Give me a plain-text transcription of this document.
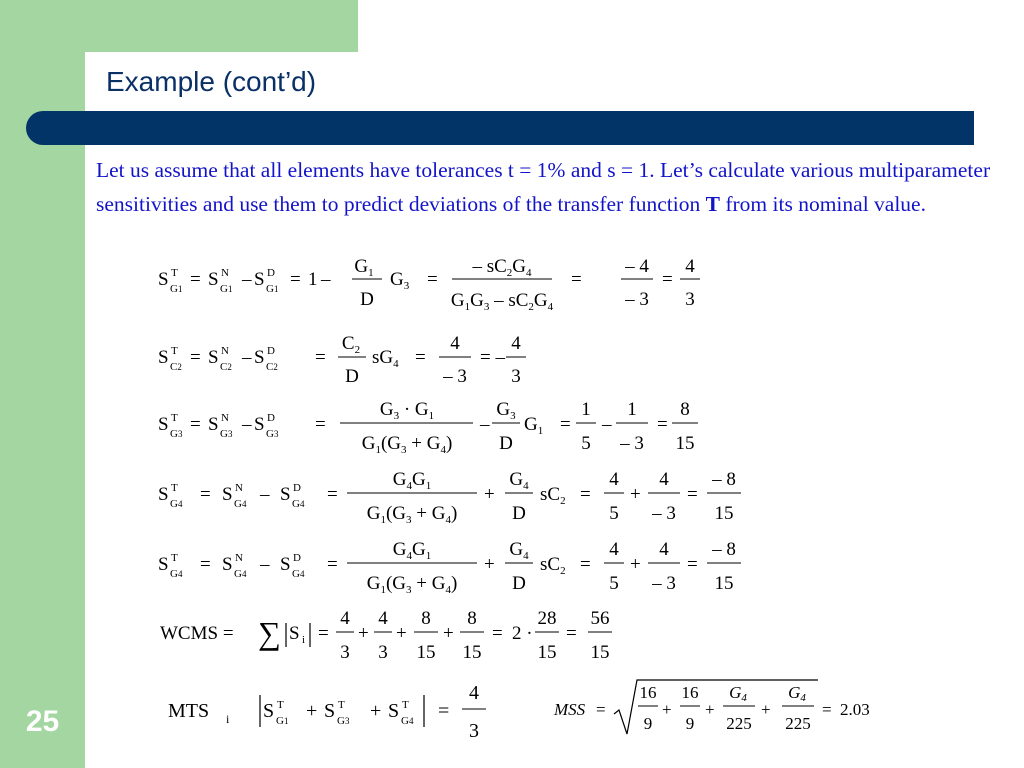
Example (cont’d)
Let us assume that all elements have tolerances t = 1% and s = 1. Let’s calculate various multiparameter sensitivities and use them to predict deviations of the transfer function T from its nominal value.
25
S T
G1 = S N
G1 – S D
G1 = 1 –
$G_1$
D
$G_3$ =
– $sC_2G_4$
$G_1G_3 - sC_2G_4$
=
– 4
– 3
=
4
3
S T
C2 = S N
C2 – S D
C2 =
$C_2$
D
$sG_4$ =
4
– 3
= –
4
3
S T
G3 = S N
G3 – S D
G3 =
$G_3 \cdot G_1$
$G_1(G_3 + G_4)$
–
$G_3$
D
$G_1$ =
1
5
–
1
– 3
=
8
15
S T
G4 = S N
G4 – S D
G4 =
$G_4G_1$
$G_1(G_3 + G_4)$
+
$G_4$
D
$sC_2$ =
4
5
+
4
– 3
=
– 8
15
S T
G4 = S N
G4 – S D
G4 =
$G_4G_1$
$G_1(G_3 + G_4)$
+
$G_4$
D
$sC_2$ =
4
5
+
4
– 3
=
– 8
15
WCMS = ∑ S i =
4
3
+
4
3
+
8
15
+
8
15
= 2 ·
28
15
=
56
15
MTS i S T
G1 + S T
G3 + S T
G4 =
4
3
MSS =
16
9
+
16
9
+
G4
225
+
G4
225
= 2.03
